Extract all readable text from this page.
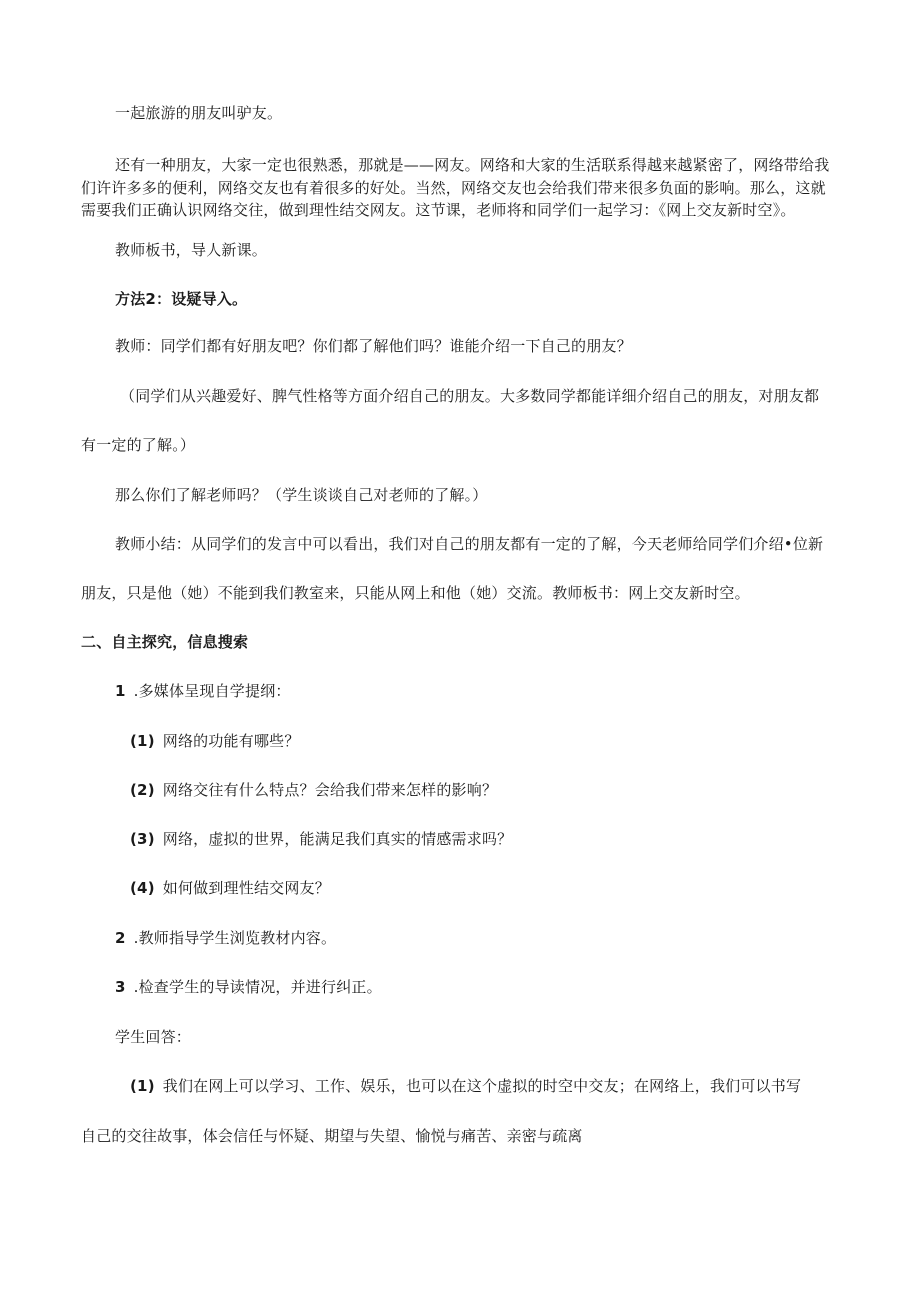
一起旅游的朋友叫驴友。

还有一种朋友，大家一定也很熟悉，那就是——网友。网络和大家的生活联系得越来越紧密了，网络带给我

们许许多多的便利，网络交友也有着很多的好处。当然，网络交友也会给我们带来很多负面的影响。那么，这就

需要我们正确认识网络交往，做到理性结交网友。这节课，老师将和同学们一起学习：《网上交友新时空》。

教师板书，导人新课。

方法2：设疑导入。

教师：同学们都有好朋友吧？你们都了解他们吗？谁能介绍一下自己的朋友？

（同学们从兴趣爱好、脾气性格等方面介绍自己的朋友。大多数同学都能详细介绍自己的朋友，对朋友都

有一定的了解。）

那么你们了解老师吗？（学生谈谈自己对老师的了解。）

教师小结：从同学们的发言中可以看出，我们对自己的朋友都有一定的了解，今天老师给同学们介绍•位新

朋友，只是他（她）不能到我们教室来，只能从网上和他（她）交流。教师板书：网上交友新时空。

二、自主探究，信息搜索

1 .多媒体呈现自学提纲：

(1) 网络的功能有哪些？

(2) 网络交往有什么特点？会给我们带来怎样的影响？

(3) 网络，虚拟的世界，能满足我们真实的情感需求吗？

(4) 如何做到理性结交网友？

2 .教师指导学生浏览教材内容。

3 .检查学生的导读情况，并进行纠正。

学生回答：

(1) 我们在网上可以学习、工作、娱乐，也可以在这个虚拟的时空中交友；在网络上，我们可以书写

自己的交往故事，体会信任与怀疑、期望与失望、愉悦与痛苦、亲密与疏离
